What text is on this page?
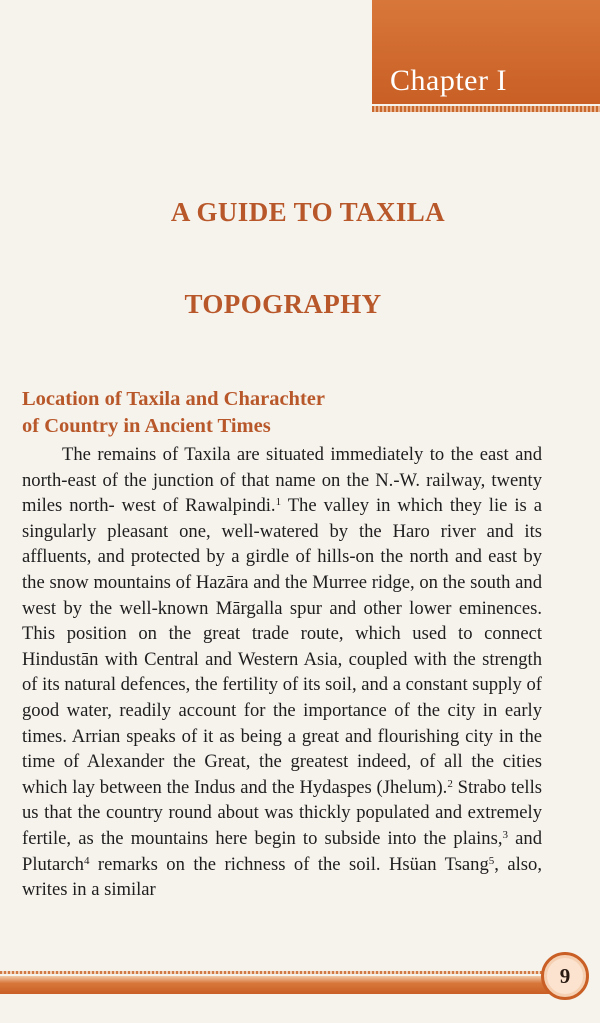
Chapter I
A GUIDE TO TAXILA
TOPOGRAPHY
Location of Taxila and Charachter
of Country in Ancient Times

The remains of Taxila are situated immediately to the east and north-east of the junction of that name on the N.-W. railway, twenty miles north- west of Rawalpindi.$^1$ The valley in which they lie is a singularly pleasant one, well-watered by the Haro river and its affluents, and protected by a girdle of hills-on the north and east by the snow mountains of Hazāra and the Murree ridge, on the south and west by the well-known Mārgalla spur and other lower eminences. This position on the great trade route, which used to connect Hindustān with Central and Western Asia, coupled with the strength of its natural defences, the fertility of its soil, and a constant supply of good water, readily account for the importance of the city in early times. Arrian speaks of it as being a great and flourishing city in the time of Alexander the Great, the greatest indeed, of all the cities which lay between the Indus and the Hydaspes (Jhelum).$^2$ Strabo tells us that the country round about was thickly populated and extremely fertile, as the mountains here begin to subside into the plains,$^3$ and Plutarch$^4$ remarks on the richness of the soil. Hsüan Tsang$^5$, also, writes in a similar

9
